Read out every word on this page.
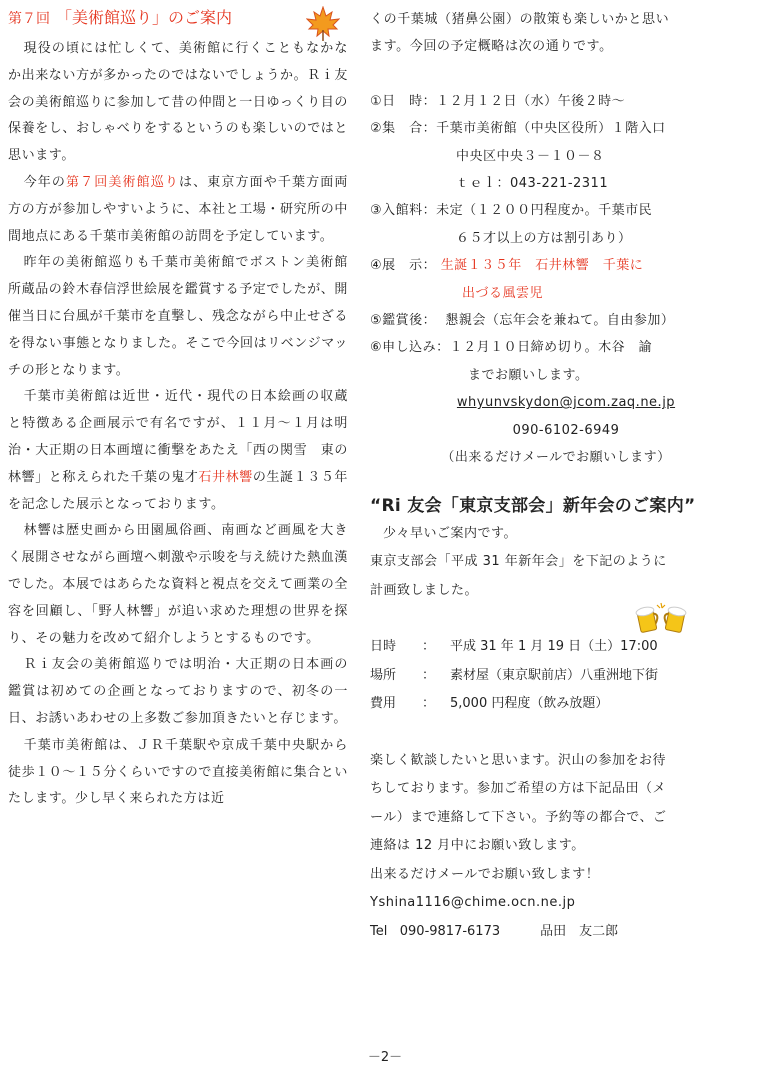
第７回 「美術館巡り」のご案内

現役の頃には忙しくて、美術館に行くこともなかなか出来ない方が多かったのではないでしょうか。Ｒｉ友会の美術館巡りに参加して昔の仲間と一日ゆっくり目の保養をし、おしゃべりをするというのも楽しいのではと思います。

今年の第７回美術館巡りは、東京方面や千葉方面両方の方が参加しやすいように、本社と工場・研究所の中間地点にある千葉市美術館の訪問を予定しています。

昨年の美術館巡りも千葉市美術館でボストン美術館所蔵品の鈴木春信浮世絵展を鑑賞する予定でしたが、開催当日に台風が千葉市を直撃し、残念ながら中止せざるを得ない事態となりました。そこで今回はリベンジマッチの形となります。

千葉市美術館は近世・近代・現代の日本絵画の収蔵と特徴ある企画展示で有名ですが、１１月～１月は明治・大正期の日本画壇に衝撃をあたえ「西の関雪　東の林響」と称えられた千葉の鬼才石井林響の生誕１３５年を記念した展示となっております。

林響は歴史画から田園風俗画、南画など画風を大きく展開させながら画壇へ刺激や示唆を与え続けた熱血漢でした。本展ではあらたな資料と視点を交えて画業の全容を回顧し、「野人林響」が追い求めた理想の世界を探り、その魅力を改めて紹介しようとするものです。

Ｒｉ友会の美術館巡りでは明治・大正期の日本画の鑑賞は初めての企画となっておりますので、初冬の一日、お誘いあわせの上多数ご参加頂きたいと存じます。

千葉市美術館は、ＪＲ千葉駅や京成千葉中央駅から徒歩１０～１５分くらいですので直接美術館に集合といたします。少し早く来られた方は近

くの千葉城（猪鼻公園）の散策も楽しいかと思い

ます。今回の予定概略は次の通りです。

①日　時：１２月１２日（水）午後２時～
②集　合：千葉市美術館（中央区役所）１階入口
中央区中央３－１０－８
ｔｅｌ：043-221-2311
③入館料：未定（１２００円程度か。千葉市民
６５才以上の方は割引あり）
④展　示： 生誕１３５年　石井林響　千葉に
出づる風雲児
⑤鑑賞後： 懇親会（忘年会を兼ねて。自由参加）
⑥申し込み：１２月１０日締め切り。木谷　諭
までお願いします。
whyunvskydon@jcom.zaq.ne.jp
090-6102-6949
（出来るだけメールでお願いします）
“Ri 友会「東京支部会」新年会のご案内”

少々早いご案内です。

東京支部会「平成 31 年新年会」を下記のように

計画致しました。

日時 ： 平成 31 年 1 月 19 日（土）17:00
場所 ： 素材屋（東京駅前店）八重洲地下街
費用 ： 5,000 円程度（飲み放題）

楽しく歓談したいと思います。沢山の参加をお待

ちしております。参加ご希望の方は下記品田（メ

ール）まで連絡して下さい。予約等の都合で、ご

連絡は 12 月中にお願い致します。

出来るだけメールでお願い致します！

Yshina1116@chime.ocn.ne.jp

Tel 090-9817-6173	品田　友二郎
－2－
